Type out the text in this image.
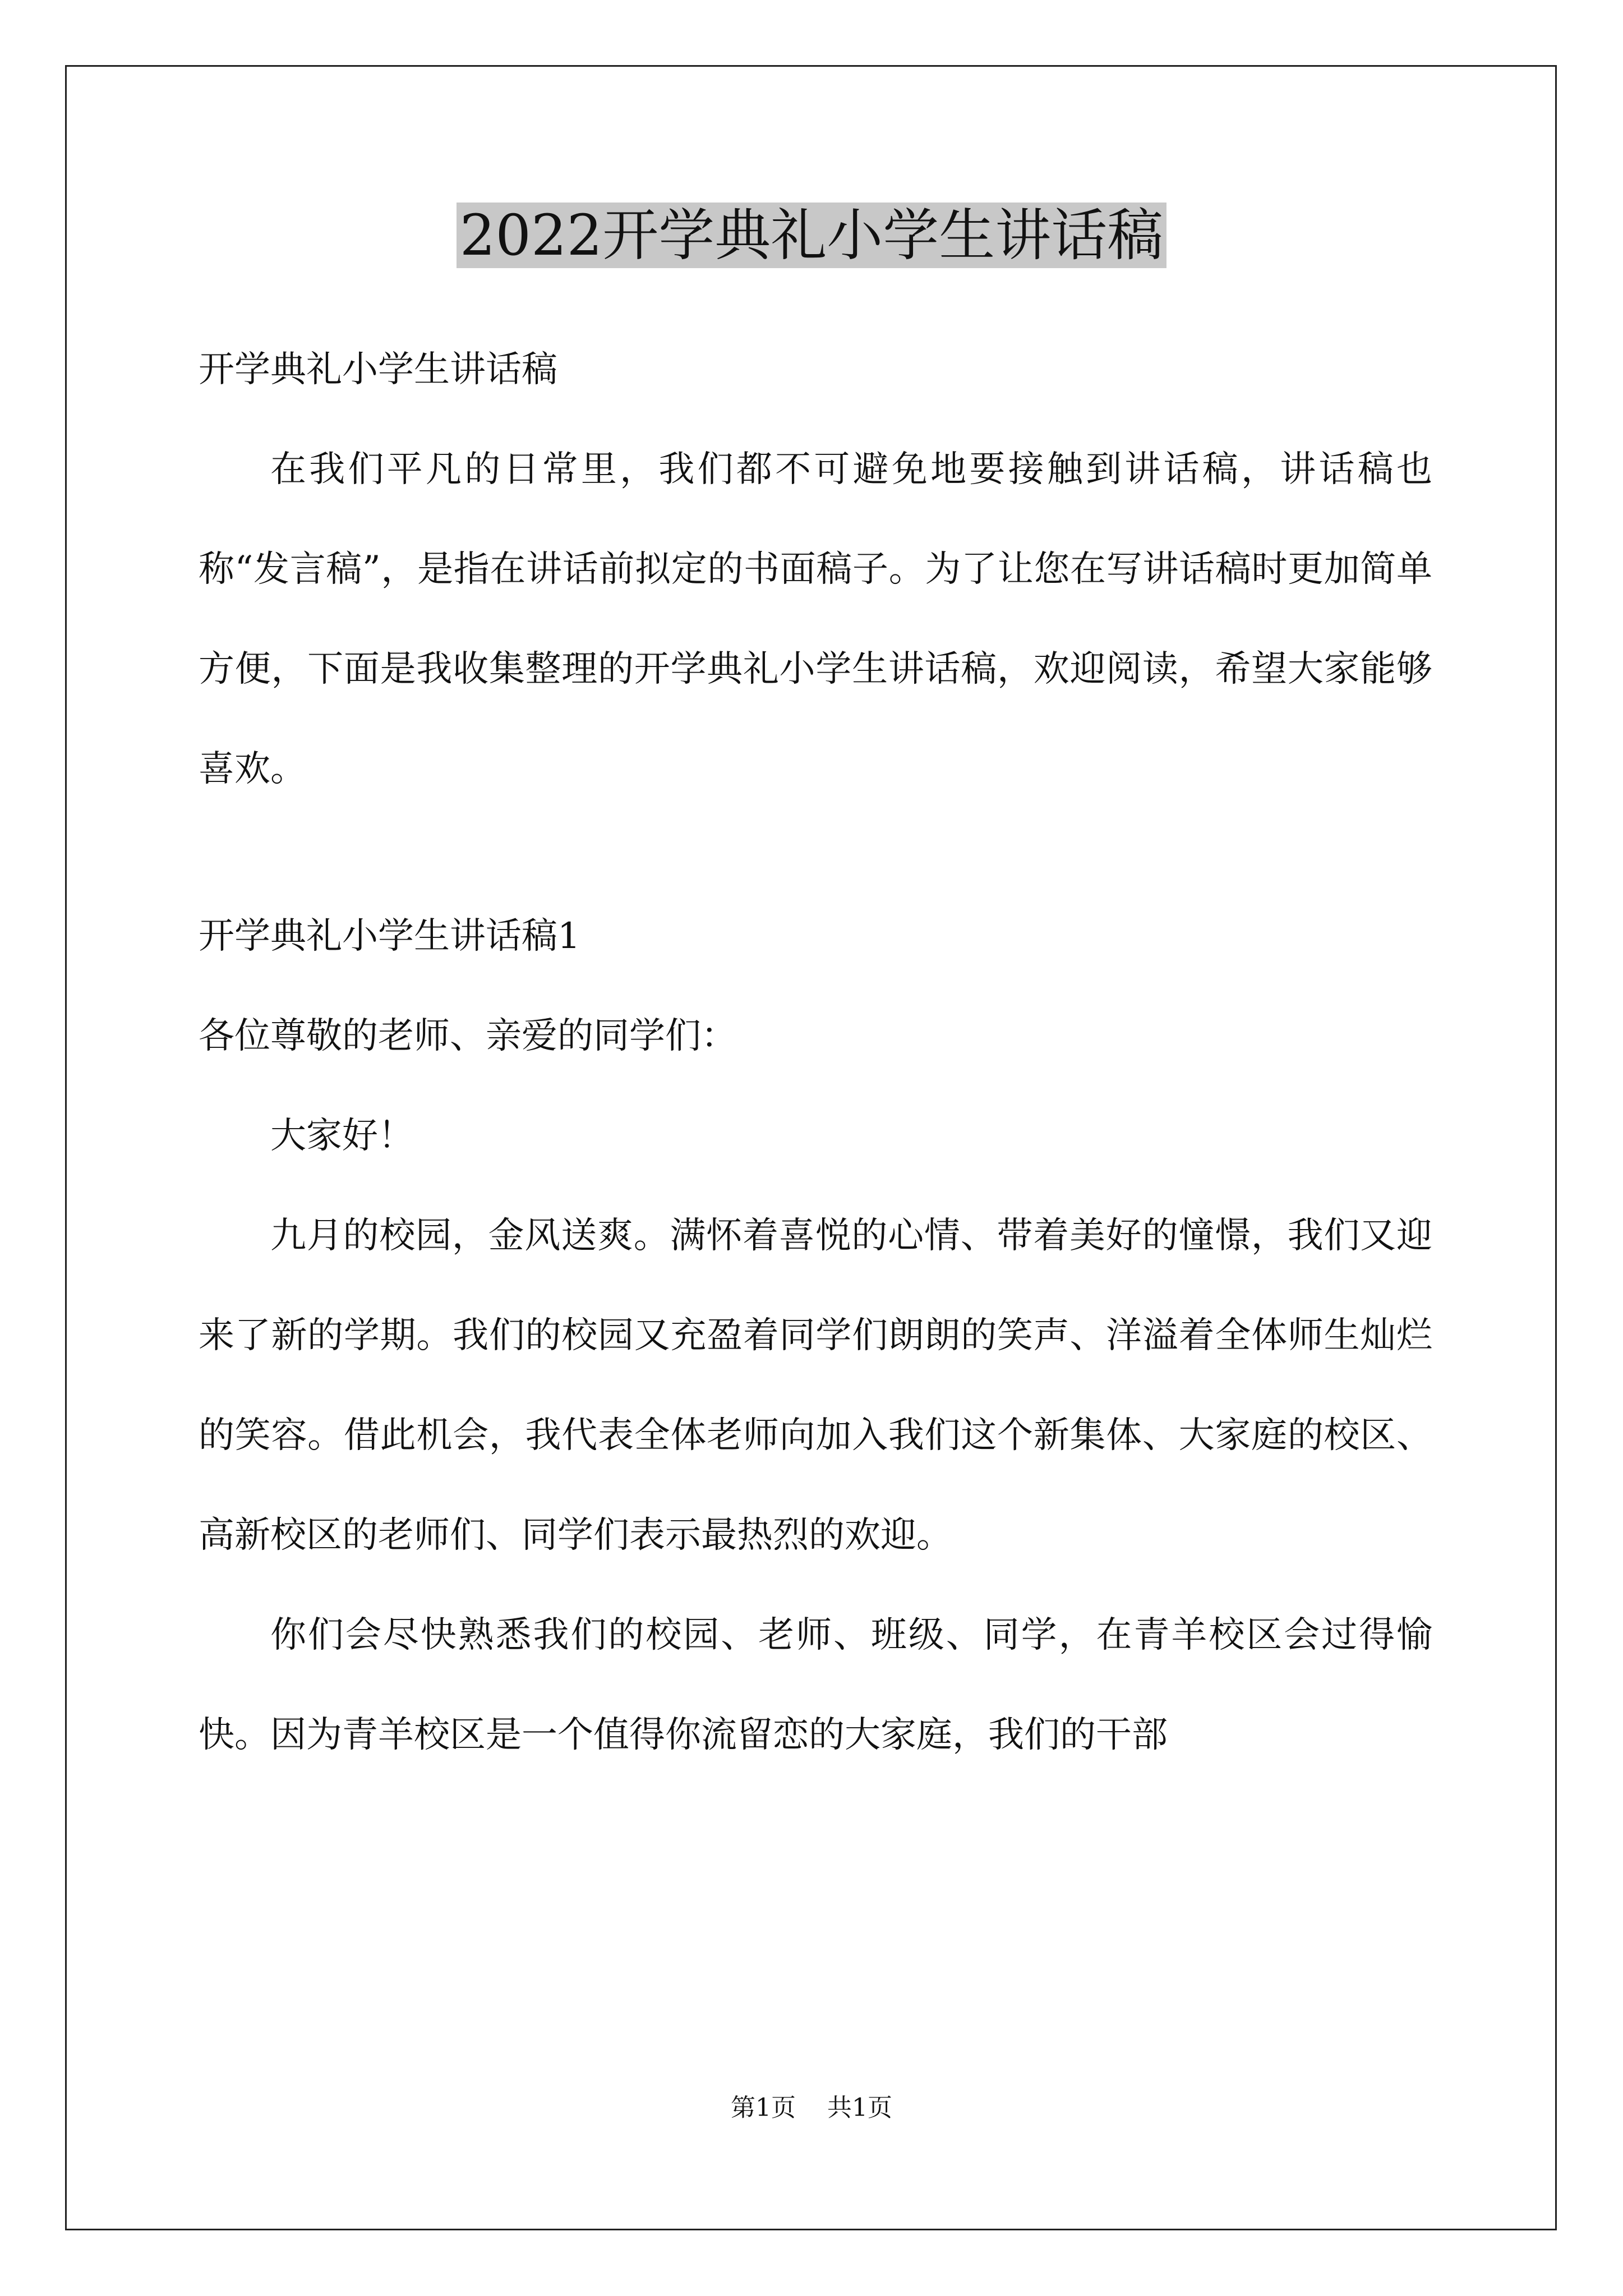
2022开学典礼小学生讲话稿

开学典礼小学生讲话稿

在我们平凡的日常里，我们都不可避免地要接触到讲话稿，讲话稿也称“发言稿”，是指在讲话前拟定的书面稿子。为了让您在写讲话稿时更加简单方便，下面是我收集整理的开学典礼小学生讲话稿，欢迎阅读，希望大家能够喜欢。

开学典礼小学生讲话稿1

各位尊敬的老师、亲爱的同学们：

大家好！

九月的校园，金风送爽。满怀着喜悦的心情、带着美好的憧憬，我们又迎来了新的学期。我们的校园又充盈着同学们朗朗的笑声、洋溢着全体师生灿烂的笑容。借此机会，我代表全体老师向加入我们这个新集体、大家庭的校区、高新校区的老师们、同学们表示最热烈的欢迎。

你们会尽快熟悉我们的校园、老师、班级、同学，在青羊校区会过得愉快。因为青羊校区是一个值得你流留恋的大家庭，我们的干部

第1页 共1页
